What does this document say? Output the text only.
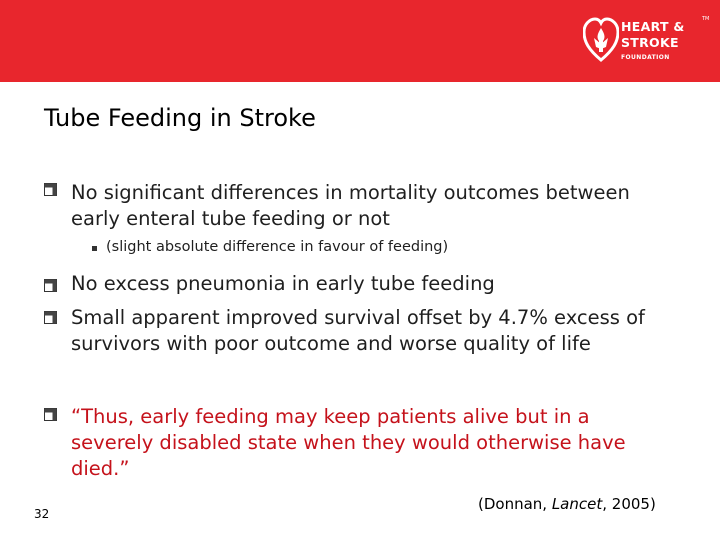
HEART &	TM
STROKE
FOUNDATION
Tube Feeding in Stroke

No significant differences in mortality outcomes between early enteral tube feeding or not

(slight absolute difference in favour of feeding)

No excess pneumonia in early tube feeding

Small apparent improved survival offset by 4.7% excess of survivors with poor outcome and worse quality of life

“Thus, early feeding may keep patients alive but in a severely disabled state when they would otherwise have died.”

(Donnan, Lancet, 2005)
32
